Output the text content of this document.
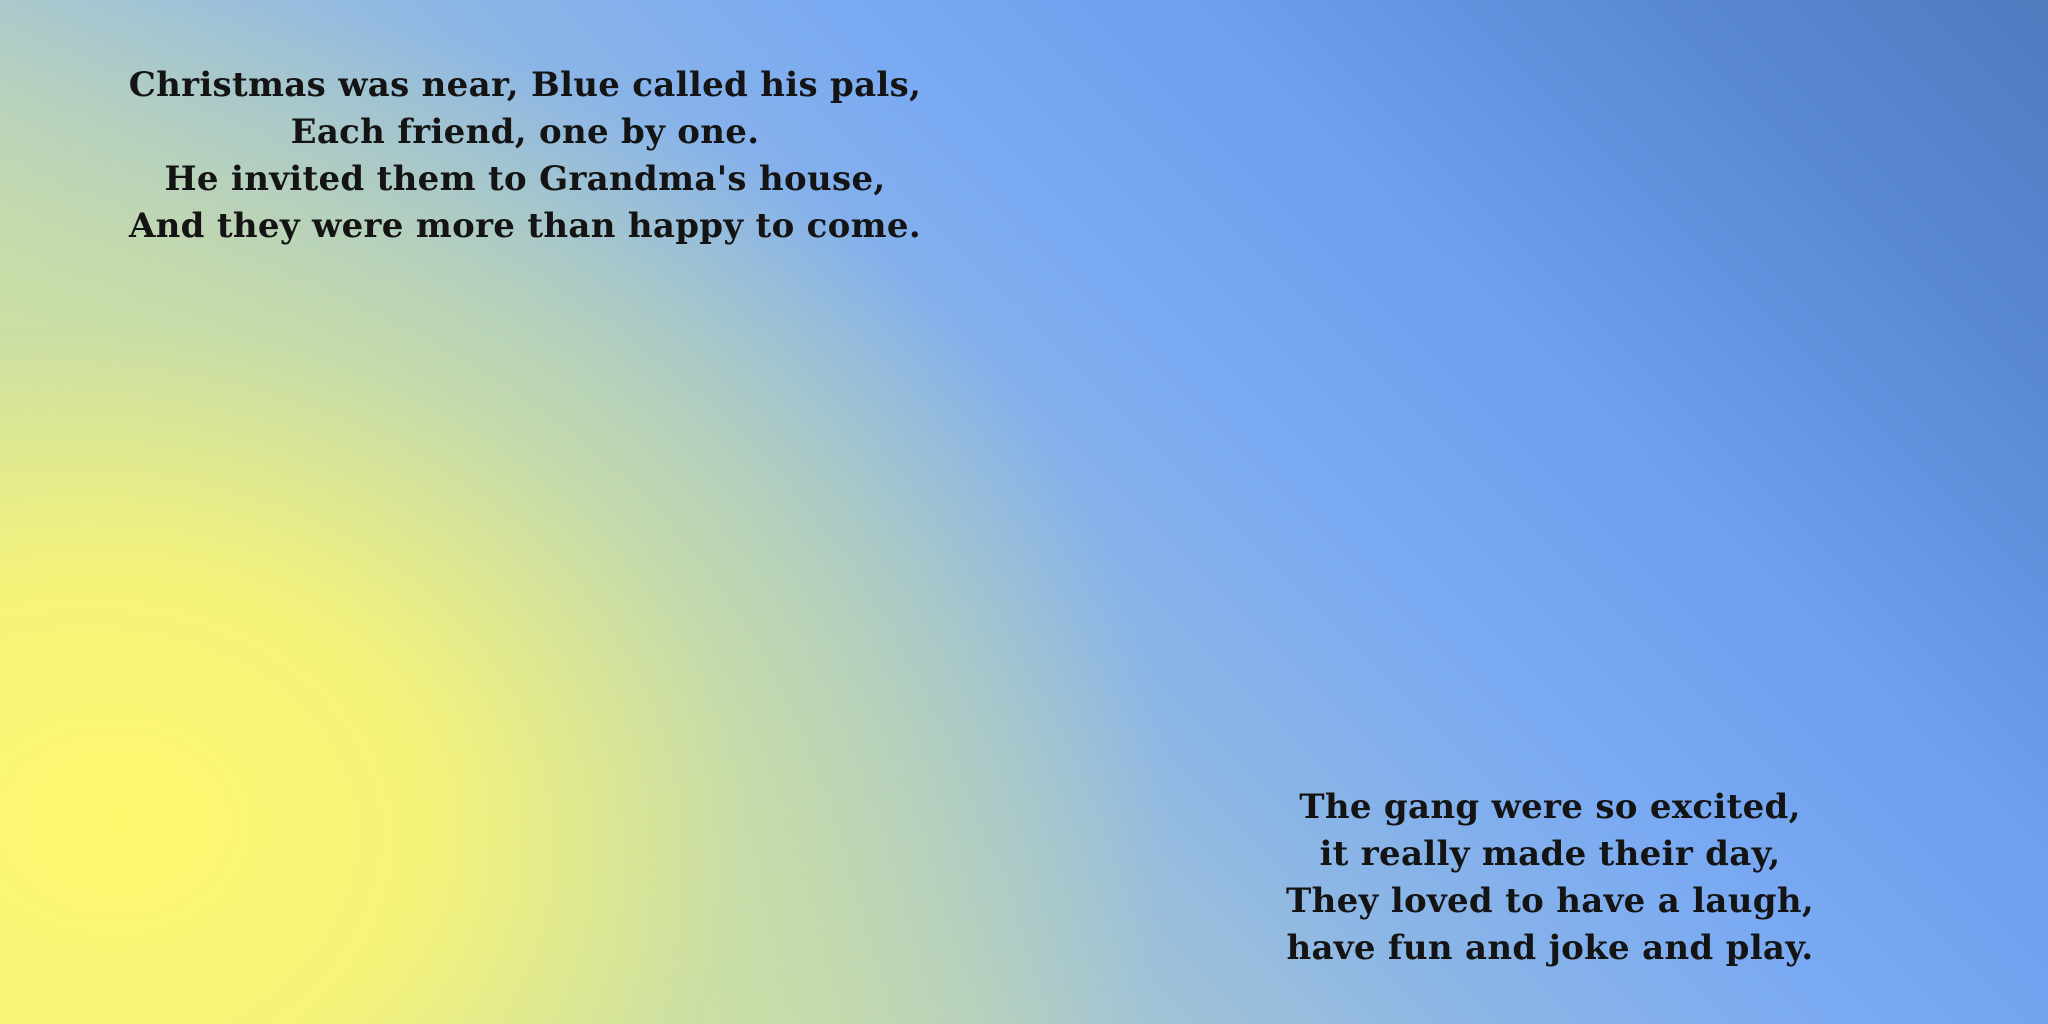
Christmas was near, Blue called his pals,
Each friend, one by one.
He invited them to Grandma's house,
And they were more than happy to come.
The gang were so excited,
it really made their day,
They loved to have a laugh,
have fun and joke and play.
